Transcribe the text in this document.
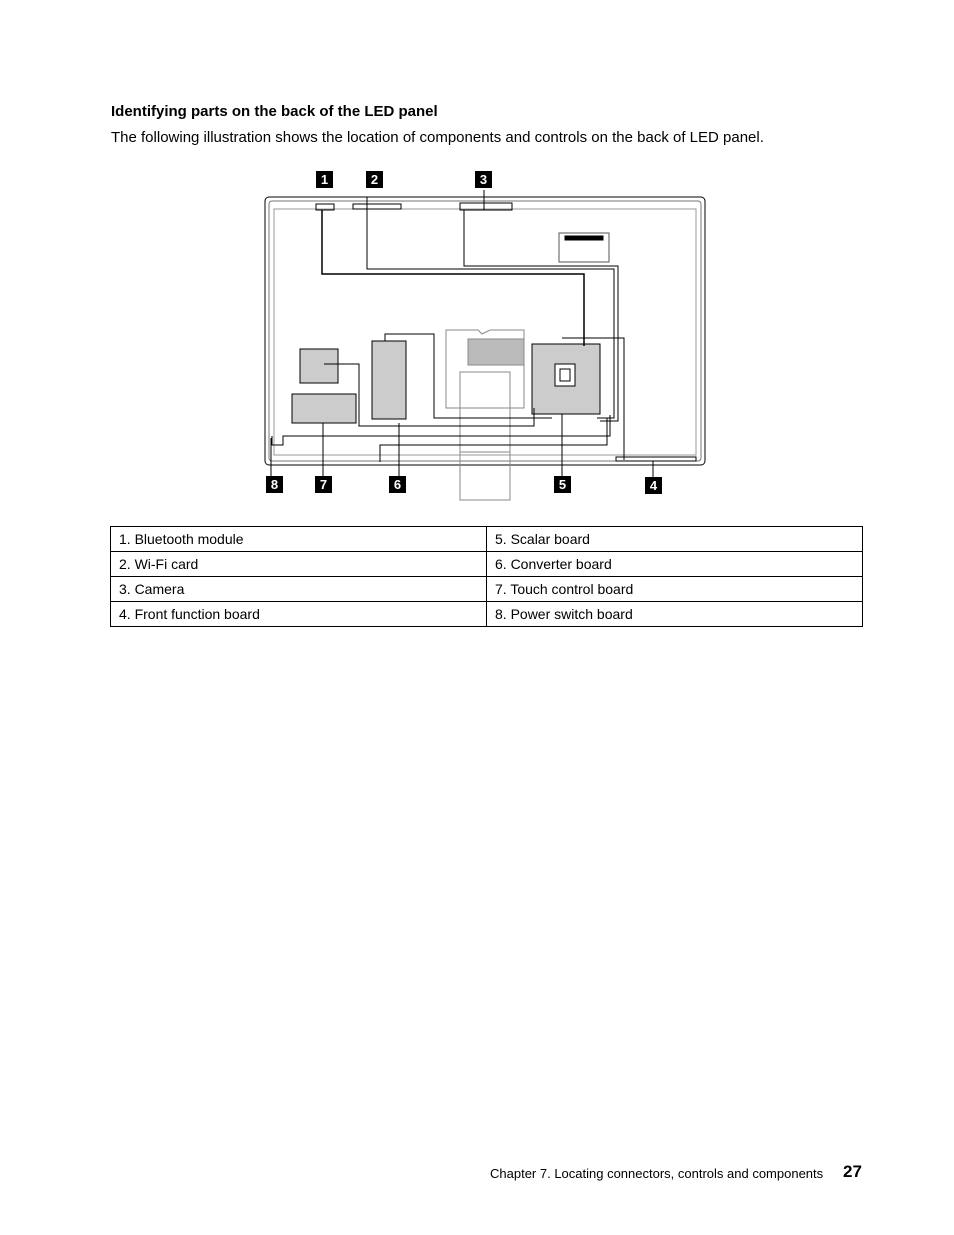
Identifying parts on the back of the LED panel
The following illustration shows the location of components and controls on the back of LED panel.
1	2	3
4
5
6
7
8
1. Bluetooth module	5. Scalar board
2. Wi-Fi card	6. Converter board
3. Camera	7. Touch control board
4. Front function board	8. Power switch board
Chapter 7. Locating connectors, controls and components 27
